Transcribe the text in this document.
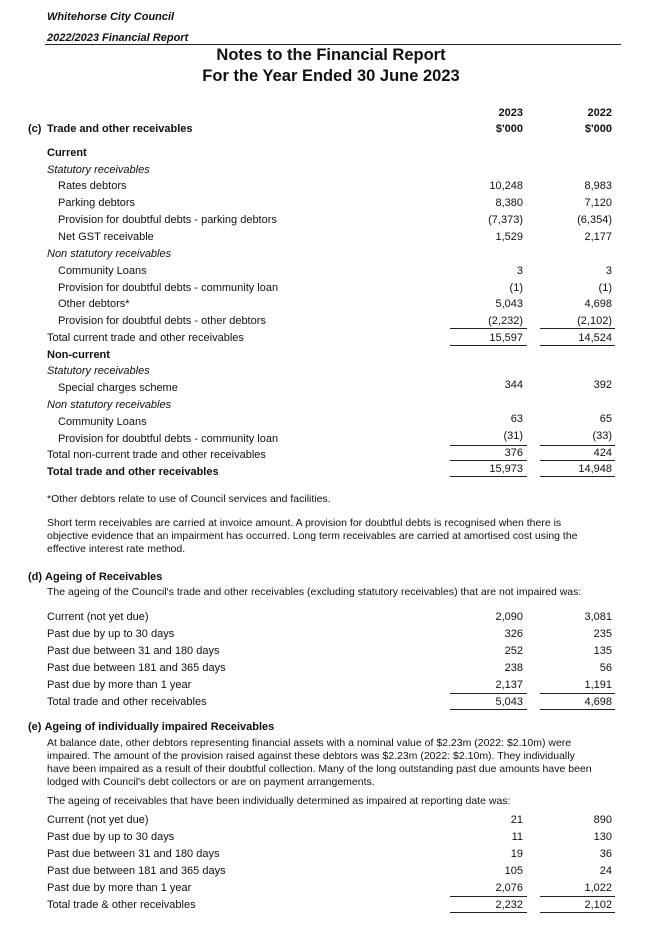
Whitehorse City Council
2022/2023 Financial Report
Notes to the Financial Report
For the Year Ended 30 June 2023
2023	2022
(c) Trade and other receivables	$'000	$'000
Current
Statutory receivables
Rates debtors	10,248	8,983
Parking debtors	8,380	7,120
Provision for doubtful debts - parking debtors	(7,373)	(6,354)
Net GST receivable	1,529	2,177
Non statutory receivables
Community Loans	3	3
Provision for doubtful debts - community loan	(1)	(1)
Other debtors*	5,043	4,698
Provision for doubtful debts - other debtors	(2,232)	(2,102)
Total current trade and other receivables	15,597	14,524
Non-current
Statutory receivables
Special charges scheme	344	392
Non statutory receivables
Community Loans	63	65
Provision for doubtful debts - community loan	(31)	(33)
Total non-current trade and other receivables	376	424
Total trade and other receivables	15,973	14,948
*Other debtors relate to use of Council services and facilities.
Short term receivables are carried at invoice amount. A provision for doubtful debts is recognised when there is
objective evidence that an impairment has occurred. Long term receivables are carried at amortised cost using the
effective interest rate method.
(d) Ageing of Receivables
The ageing of the Council's trade and other receivables (excluding statutory receivables) that are not impaired was:
Current (not yet due)	2,090	3,081
Past due by up to 30 days	326	235
Past due between 31 and 180 days	252	135
Past due between 181 and 365 days	238	56
Past due by more than 1 year	2,137	1,191
Total trade and other receivables	5,043	4,698
(e) Ageing of individually impaired Receivables
At balance date, other debtors representing financial assets with a nominal value of $2.23m (2022: $2.10m) were
impaired. The amount of the provision raised against these debtors was $2.23m (2022: $2.10m). They individually
have been impaired as a result of their doubtful collection. Many of the long outstanding past due amounts have been
lodged with Council's debt collectors or are on payment arrangements.
The ageing of receivables that have been individually determined as impaired at reporting date was:
Current (not yet due)	21	890
Past due by up to 30 days	11	130
Past due between 31 and 180 days	19	36
Past due between 181 and 365 days	105	24
Past due by more than 1 year	2,076	1,022
Total trade & other receivables	2,232	2,102
